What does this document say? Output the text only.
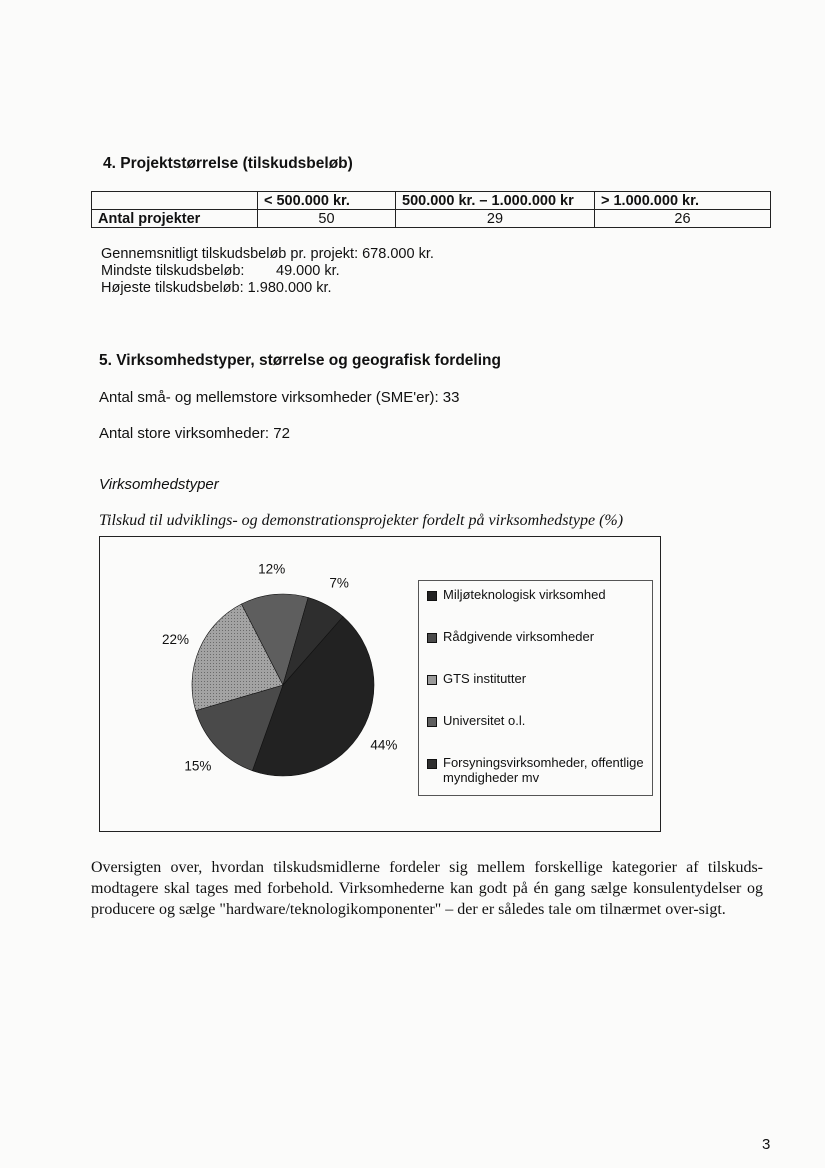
4. Projektstørrelse (tilskudsbeløb)
	< 500.000 kr.	500.000 kr. – 1.000.000 kr	> 1.000.000 kr.
Antal projekter	50	29	26
Gennemsnitligt tilskudsbeløb pr. projekt: 678.000 kr.
Mindste tilskudsbeløb: 49.000 kr.
Højeste tilskudsbeløb: 1.980.000 kr.
5. Virksomhedstyper, størrelse og geografisk fordeling
Antal små- og mellemstore virksomheder (SME'er): 33
Antal store virksomheder: 72
Virksomhedstyper
Tilskud til udviklings- og demonstrationsprojekter fordelt på virksomhedstype (%)
44%
15%
22%
12%
7%
Miljøteknologisk virksomhed
Rådgivende virksomheder
GTS institutter
Universitet o.l.
Forsyningsvirksomheder, offentlige myndigheder mv
Oversigten over, hvordan tilskudsmidlerne fordeler sig mellem forskellige kategorier af tilskuds-modtagere skal tages med forbehold. Virksomhederne kan godt på én gang sælge konsulentydelser og producere og sælge "hardware/teknologikomponenter" – der er således tale om tilnærmet over-sigt.
3
